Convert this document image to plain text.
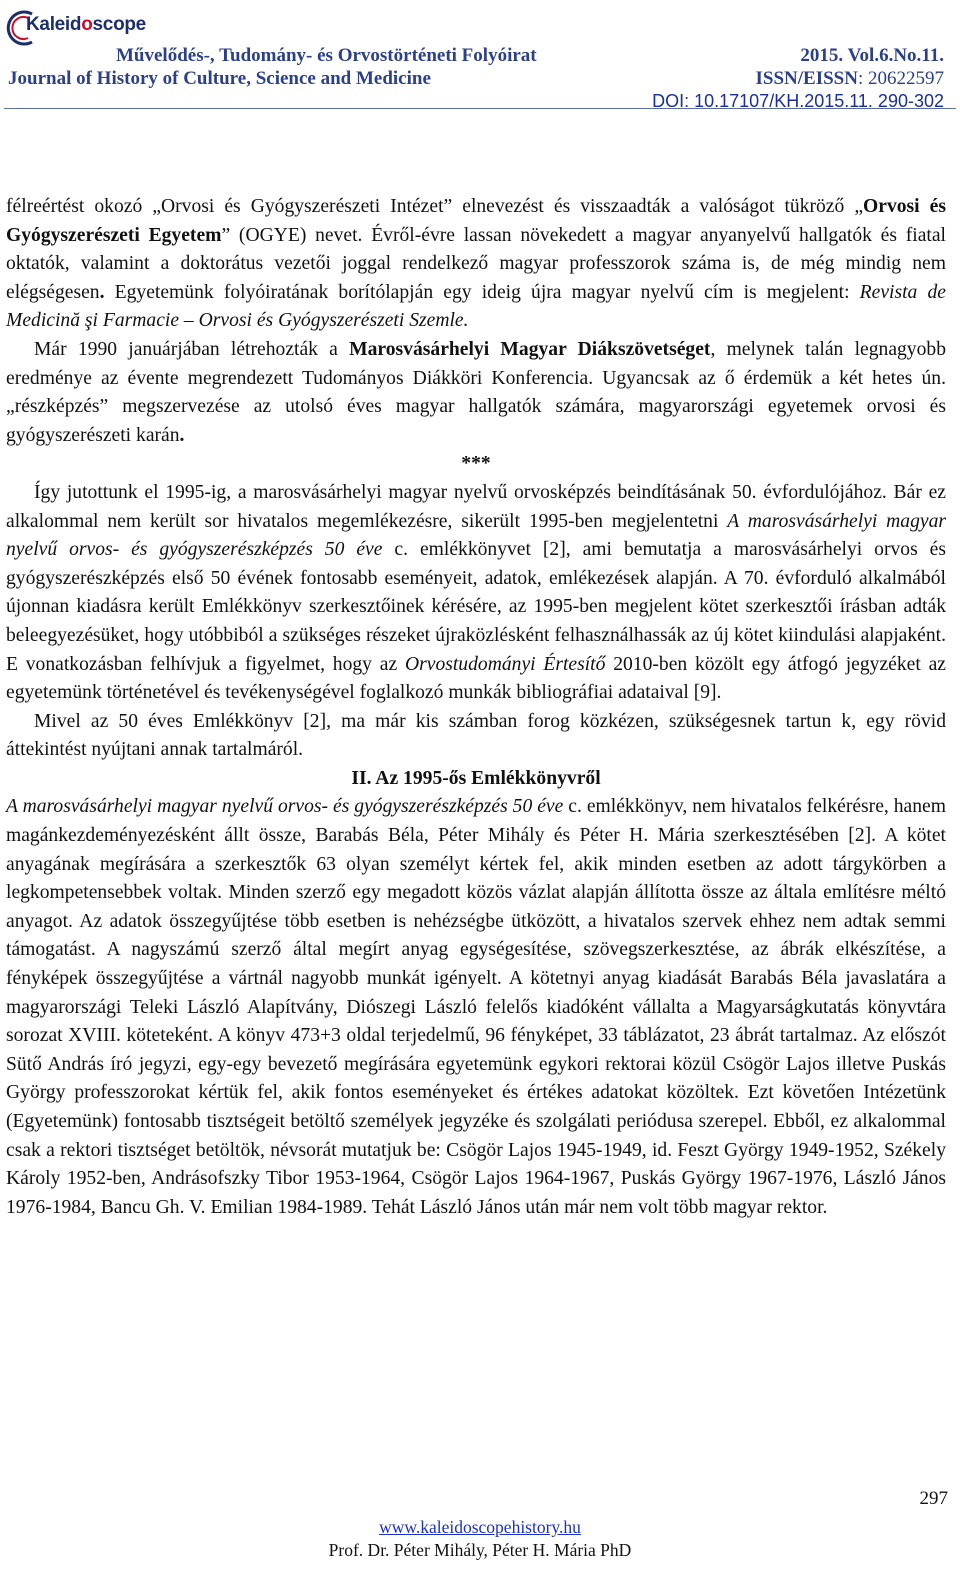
Kaleidoscope
Művelődés-, Tudomány- és Orvostörténeti Folyóirat
Journal of History of Culture, Science and Medicine
2015. Vol.6.No.11.
ISSN/EISSN: 20622597
DOI: 10.17107/KH.2015.11. 290-302

félreértést okozó „Orvosi és Gyógyszerészeti Intézet” elnevezést és visszaadták a valóságot tükröző „Orvosi és Gyógyszerészeti Egyetem” (OGYE) nevet. Évről-évre lassan növekedett a magyar anyanyelvű hallgatók és fiatal oktatók, valamint a doktorátus vezetői joggal rendelkező magyar professzorok száma is, de még mindig nem elégségesen. Egyetemünk folyóiratának borítólapján egy ideig újra magyar nyelvű cím is megjelent: Revista de Medicină şi Farmacie – Orvosi és Gyógyszerészeti Szemle.

Már 1990 januárjában létrehozták a Marosvásárhelyi Magyar Diákszövetséget, melynek talán legnagyobb eredménye az évente megrendezett Tudományos Diákköri Konferencia. Ugyancsak az ő érdemük a két hetes ún. „részképzés” megszervezése az utolsó éves magyar hallgatók számára, magyarországi egyetemek orvosi és gyógyszerészeti karán.

***

Így jutottunk el 1995-ig, a marosvásárhelyi magyar nyelvű orvosképzés beindításának 50. évfordulójához. Bár ez alkalommal nem került sor hivatalos megemlékezésre, sikerült 1995-ben megjelentetni A marosvásárhelyi magyar nyelvű orvos- és gyógyszerészképzés 50 éve c. emlékkönyvet [2], ami bemutatja a marosvásárhelyi orvos és gyógyszerészképzés első 50 évének fontosabb eseményeit, adatok, emlékezések alapján. A 70. évforduló alkalmából újonnan kiadásra került Emlékkönyv szerkesztőinek kérésére, az 1995-ben megjelent kötet szerkesztői írásban adták beleegyezésüket, hogy utóbbiból a szükséges részeket újraközlésként felhasználhassák az új kötet kiindulási alapjaként. E vonatkozásban felhívjuk a figyelmet, hogy az Orvostudományi Értesítő 2010-ben közölt egy átfogó jegyzéket az egyetemünk történetével és tevékenységével foglalkozó munkák bibliográfiai adataival [9].

Mivel az 50 éves Emlékkönyv [2], ma már kis számban forog közkézen, szükségesnek tartun k, egy rövid áttekintést nyújtani annak tartalmáról.

II. Az 1995-ős Emlékkönyvről

A marosvásárhelyi magyar nyelvű orvos- és gyógyszerészképzés 50 éve c. emlékkönyv, nem hivatalos felkérésre, hanem magánkezdeményezésként állt össze, Barabás Béla, Péter Mihály és Péter H. Mária szerkesztésében [2]. A kötet anyagának megírására a szerkesztők 63 olyan személyt kértek fel, akik minden esetben az adott tárgykörben a legkompetensebbek voltak. Minden szerző egy megadott közös vázlat alapján állította össze az általa említésre méltó anyagot. Az adatok összegyűjtése több esetben is nehézségbe ütközött, a hivatalos szervek ehhez nem adtak semmi támogatást. A nagyszámú szerző által megírt anyag egységesítése, szövegszerkesztése, az ábrák elkészítése, a fényképek összegyűjtése a vártnál nagyobb munkát igényelt. A kötetnyi anyag kiadását Barabás Béla javaslatára a magyarországi Teleki László Alapítvány, Diószegi László felelős kiadóként vállalta a Magyarságkutatás könyvtára sorozat XVIII. köteteként. A könyv 473+3 oldal terjedelmű, 96 fényképet, 33 táblázatot, 23 ábrát tartalmaz. Az előszót Sütő András író jegyzi, egy-egy bevezető megírására egyetemünk egykori rektorai közül Csögör Lajos illetve Puskás György professzorokat kértük fel, akik fontos eseményeket és értékes adatokat közöltek. Ezt követően Intézetünk (Egyetemünk) fontosabb tisztségeit betöltő személyek jegyzéke és szolgálati periódusa szerepel. Ebből, ez alkalommal csak a rektori tisztséget betöltök, névsorát mutatjuk be: Csögör Lajos 1945-1949, id. Feszt György 1949-1952, Székely Károly 1952-ben, Andrásofszky Tibor 1953-1964, Csögör Lajos 1964-1967, Puskás György 1967-1976, László János 1976-1984, Bancu Gh. V. Emilian 1984-1989. Tehát László János után már nem volt több magyar rektor.

297
www.kaleidoscopehistory.hu
Prof. Dr. Péter Mihály, Péter H. Mária PhD
